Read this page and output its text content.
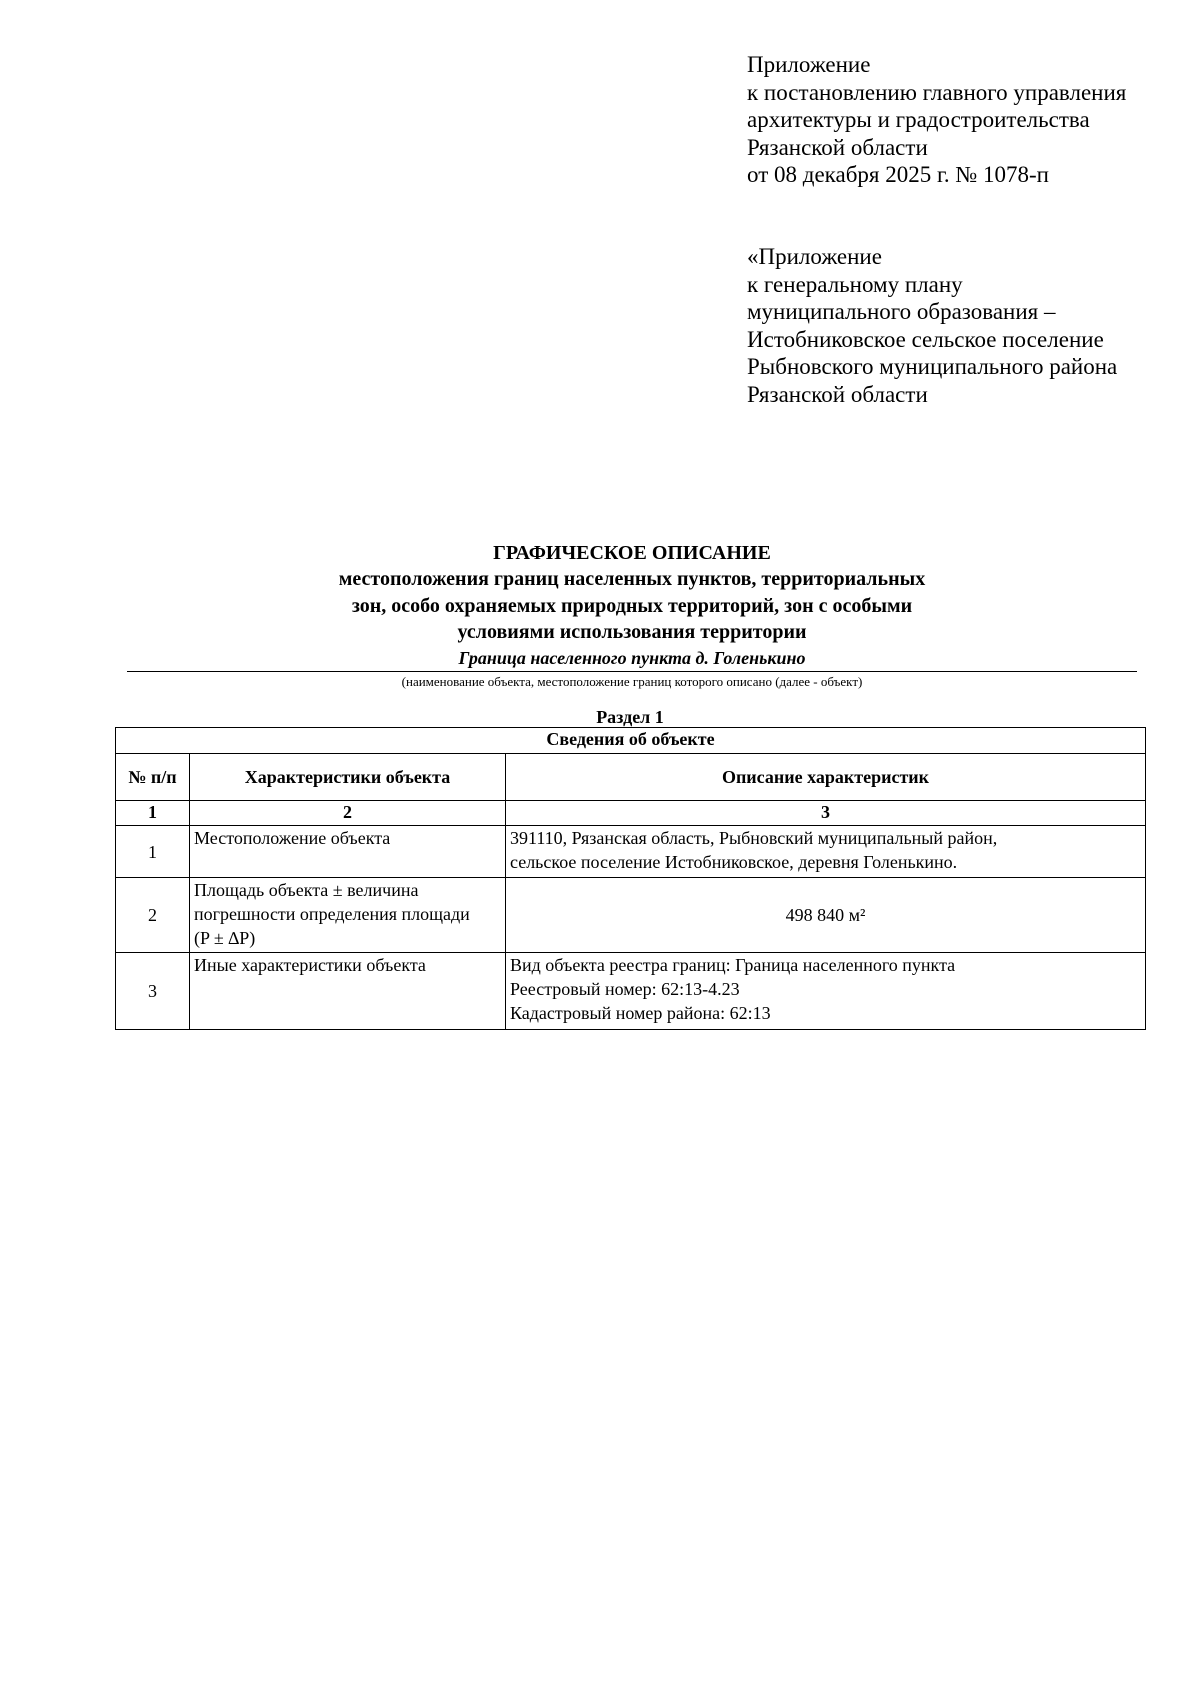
Приложение
к постановлению главного управления
архитектуры и градостроительства
Рязанской области
от 08 декабря 2025 г. № 1078-п
«Приложение
к генеральному плану
муниципального образования –
Истобниковское сельское поселение
Рыбновского муниципального района
Рязанской области
ГРАФИЧЕСКОЕ ОПИСАНИЕ
местоположения границ населенных пунктов, территориальных
зон, особо охраняемых природных территорий, зон с особыми
условиями использования территории
Граница населенного пункта д. Голенькино
(наименование объекта, местоположение границ которого описано (далее - объект)
Раздел 1
Сведения об объекте		

№ п/п	Характеристики объекта	Описание характеристик
1	2	3
1	Местоположение объекта	391110, Рязанская область, Рыбновский муниципальный район,
сельское поселение Истобниковское, деревня Голенькино.

2	Площадь объекта ± величина
погрешности определения площади
(P ± ∆P)	498 840 м²
3	Иные характеристики объекта	Вид объекта реестра границ: Граница населенного пункта
Реестровый номер: 62:13-4.23
Кадастровый номер района: 62:13
